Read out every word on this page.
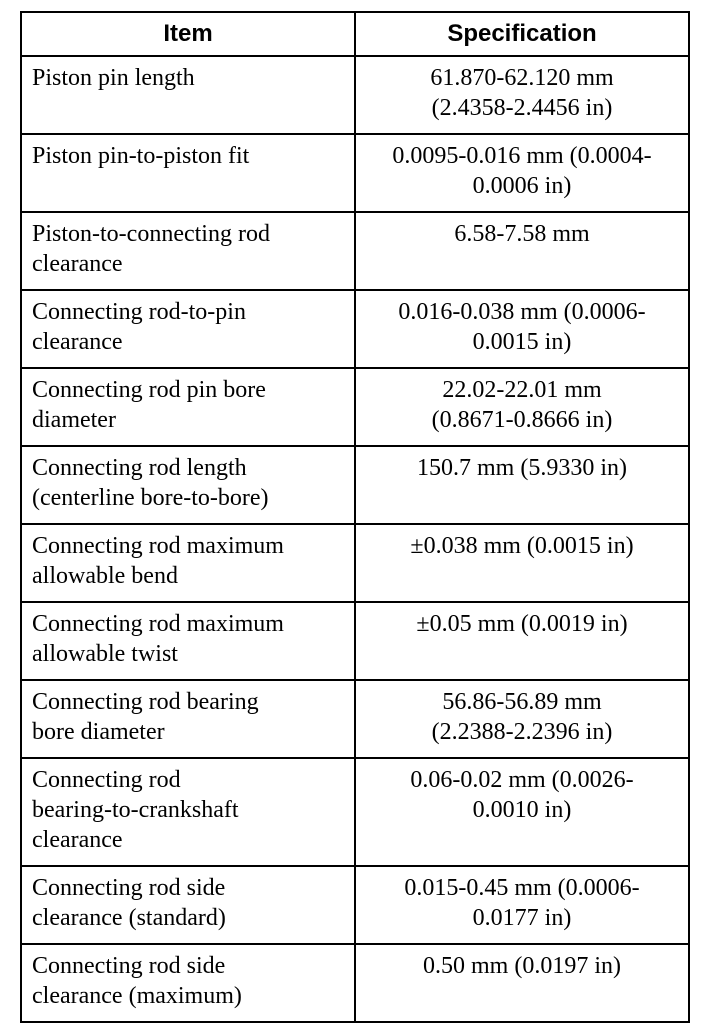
Item	Specification

Piston pin length	61.870-62.120 mm
(2.4358-2.4456 in)

Piston pin-to-piston fit	0.0095-0.016 mm (0.0004-
0.0006 in)

Piston-to-connecting rod
clearance	6.58-7.58 mm

Connecting rod-to-pin
clearance	0.016-0.038 mm (0.0006-
0.0015 in)

Connecting rod pin bore
diameter	22.02-22.01 mm
(0.8671-0.8666 in)

Connecting rod length
(centerline bore-to-bore)	150.7 mm (5.9330 in)

Connecting rod maximum
allowable bend	±0.038 mm (0.0015 in)

Connecting rod maximum
allowable twist	±0.05 mm (0.0019 in)

Connecting rod bearing
bore diameter	56.86-56.89 mm
(2.2388-2.2396 in)

Connecting rod
bearing-to-crankshaft
clearance	0.06-0.02 mm (0.0026-
0.0010 in)

Connecting rod side
clearance (standard)	0.015-0.45 mm (0.0006-
0.0177 in)

Connecting rod side
clearance (maximum)	0.50 mm (0.0197 in)
